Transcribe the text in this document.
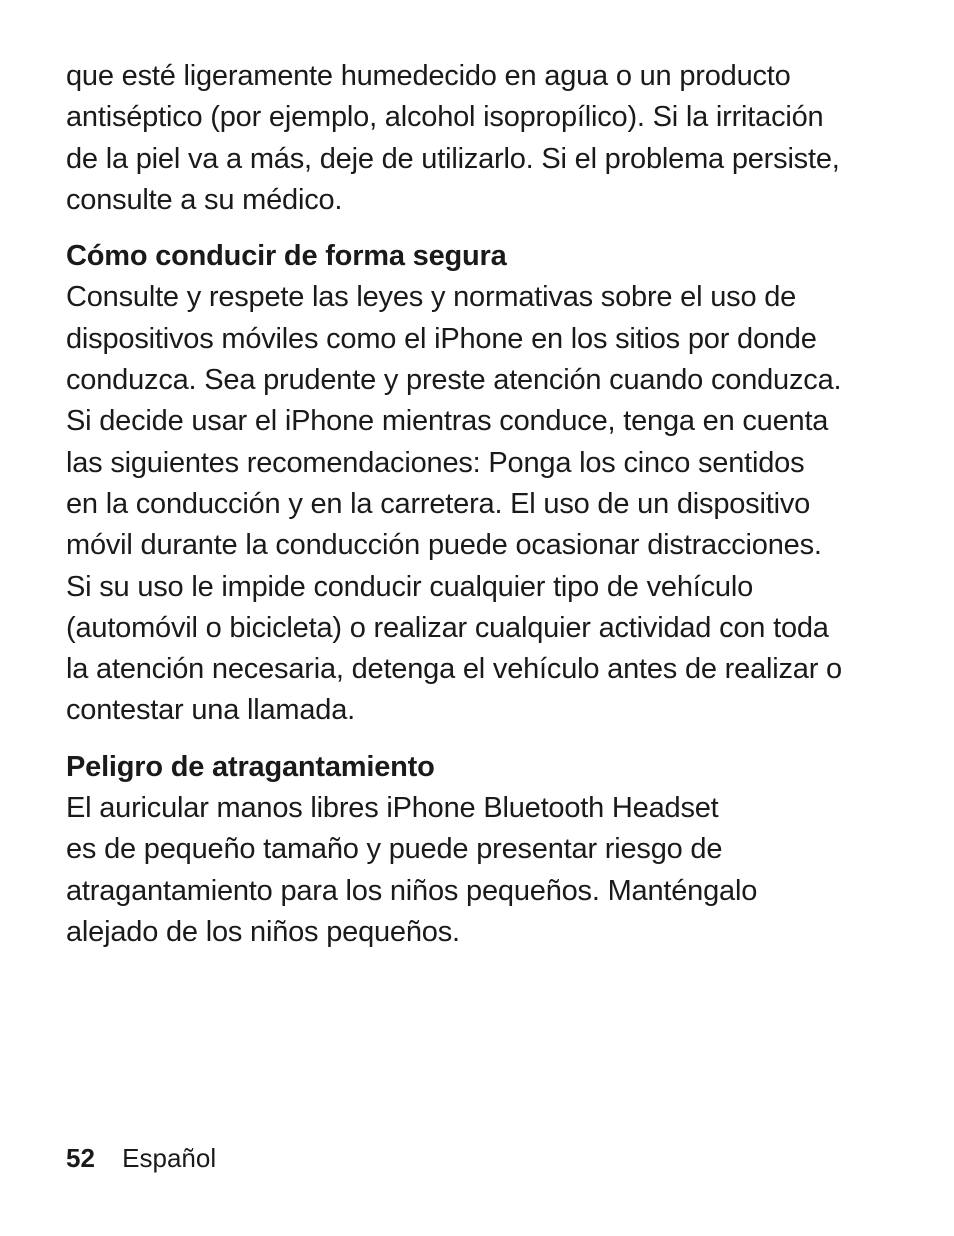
que esté ligeramente humedecido en agua o un producto
antiséptico (por ejemplo, alcohol isopropílico). Si la irritación
de la piel va a más, deje de utilizarlo. Si el problema persiste,
consulte a su médico.
Cómo conducir de forma segura
Consulte y respete las leyes y normativas sobre el uso de
dispositivos móviles como el iPhone en los sitios por donde
conduzca. Sea prudente y preste atención cuando conduzca.
Si decide usar el iPhone mientras conduce, tenga en cuenta
las siguientes recomendaciones: Ponga los cinco sentidos
en la conducción y en la carretera. El uso de un dispositivo
móvil durante la conducción puede ocasionar distracciones.
Si su uso le impide conducir cualquier tipo de vehículo
(automóvil o bicicleta) o realizar cualquier actividad con toda
la atención necesaria, detenga el vehículo antes de realizar o
contestar una llamada.
Peligro de atragantamiento
El auricular manos libres iPhone Bluetooth Headset
es de pequeño tamaño y puede presentar riesgo de
atragantamiento para los niños pequeños. Manténgalo
alejado de los niños pequeños.
52 Español
